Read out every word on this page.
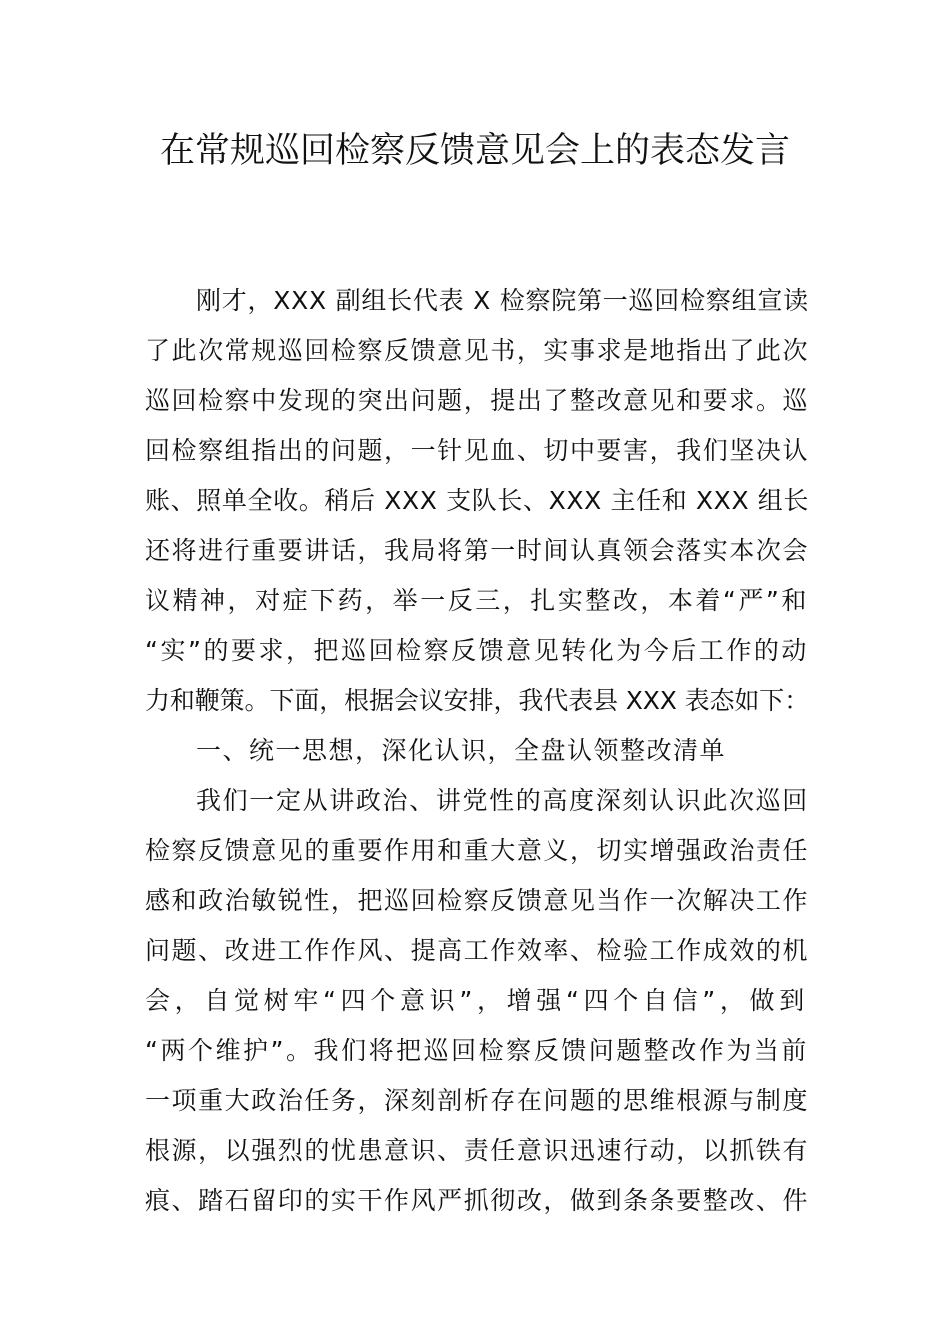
在常规巡回检察反馈意见会上的表态发言
刚才，XXX 副组长代表 X 检察院第一巡回检察组宣读
了此次常规巡回检察反馈意见书，实事求是地指出了此次
巡回检察中发现的突出问题，提出了整改意见和要求。巡
回检察组指出的问题，一针见血、切中要害，我们坚决认
账、照单全收。稍后 XXX 支队长、XXX 主任和 XXX 组长
还将进行重要讲话，我局将第一时间认真领会落实本次会
议精神，对症下药，举一反三，扎实整改，本着“严”和
“实”的要求，把巡回检察反馈意见转化为今后工作的动
力和鞭策。下面，根据会议安排，我代表县 XXX 表态如下：
一、统一思想，深化认识，全盘认领整改清单
我们一定从讲政治、讲党性的高度深刻认识此次巡回
检察反馈意见的重要作用和重大意义，切实增强政治责任
感和政治敏锐性，把巡回检察反馈意见当作一次解决工作
问题、改进工作作风、提高工作效率、检验工作成效的机
会，自觉树牢“四个意识”，增强“四个自信”，做到
“两个维护”。我们将把巡回检察反馈问题整改作为当前
一项重大政治任务，深刻剖析存在问题的思维根源与制度
根源，以强烈的忧患意识、责任意识迅速行动，以抓铁有
痕、踏石留印的实干作风严抓彻改，做到条条要整改、件
